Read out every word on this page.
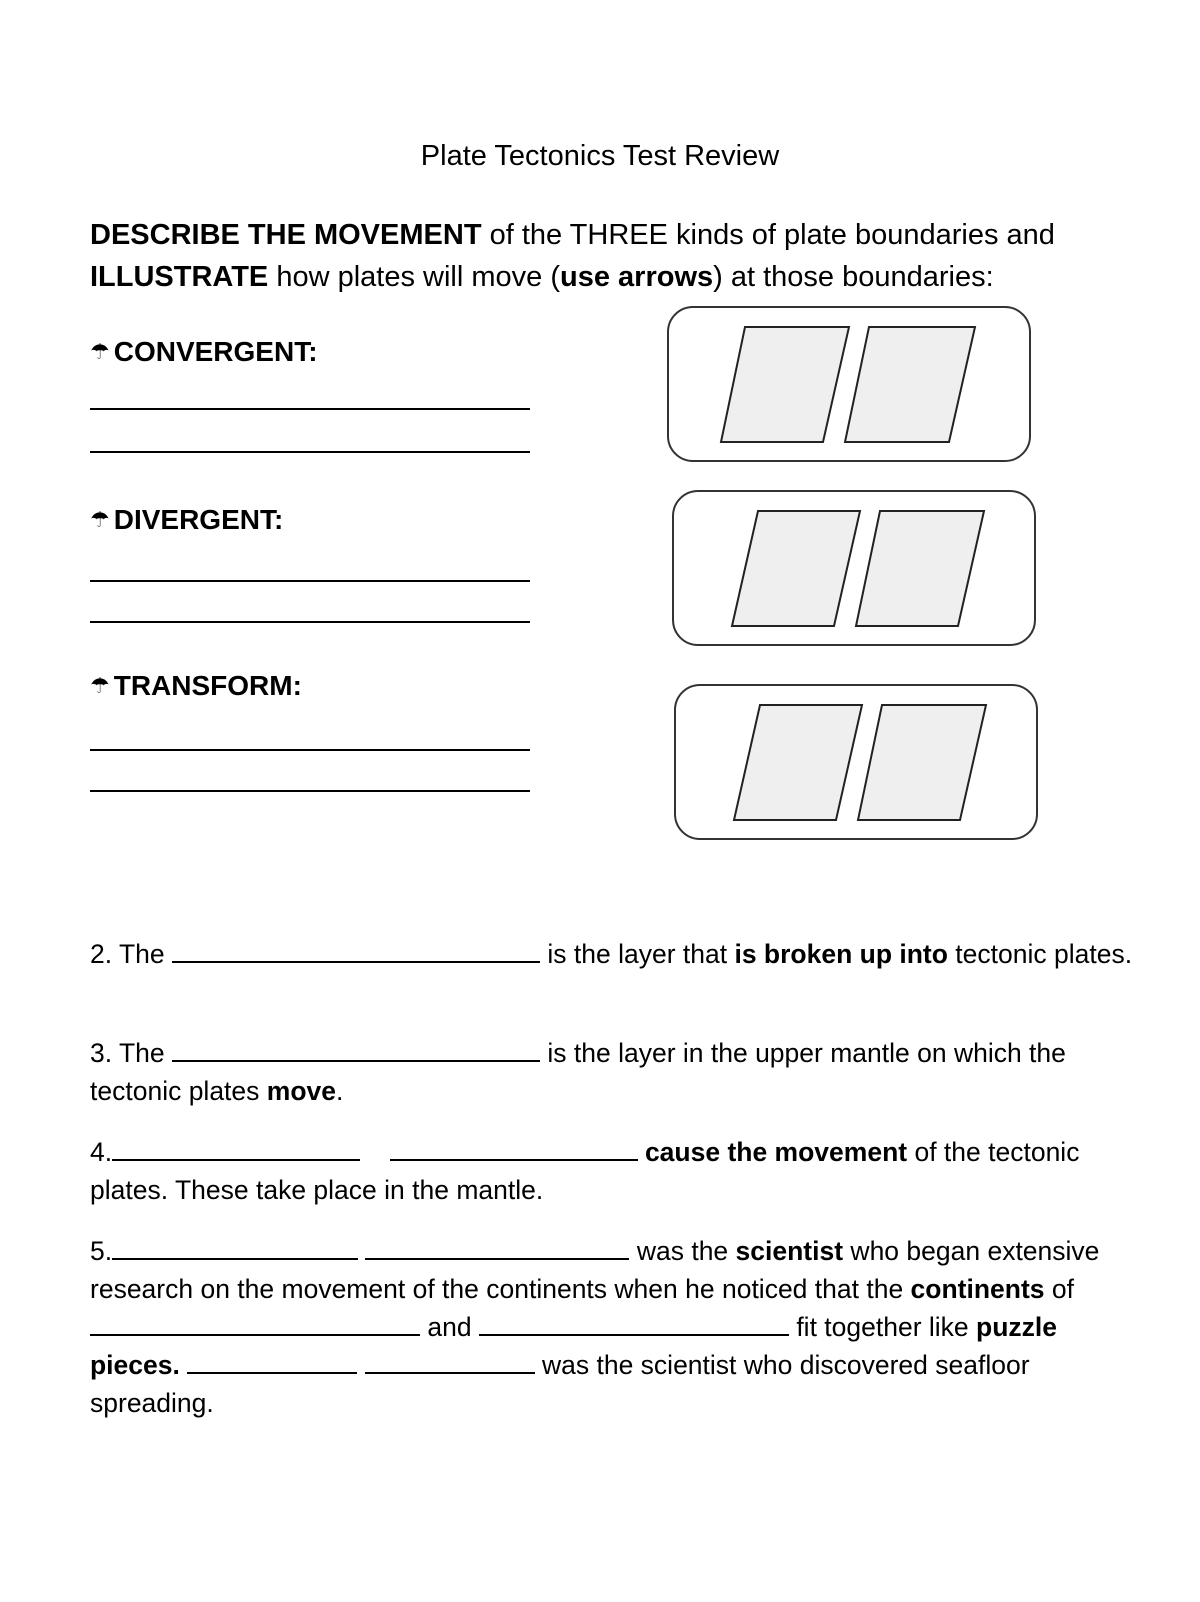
Plate Tectonics Test Review
DESCRIBE THE MOVEMENT of the THREE kinds of plate boundaries and ILLUSTRATE how plates will move (use arrows) at those boundaries:
☂ CONVERGENT:
☂ DIVERGENT:
☂ TRANSFORM:
2. The	is the layer that is broken up into tectonic plates.
3. The	is the layer in the upper mantle on which the tectonic plates move.
4.	cause the movement of the tectonic plates. These take place in the mantle.
5.	was the scientist who began extensive research on the movement of the continents when he noticed that the continents of  and	fit together like puzzle pieces.	was the scientist who discovered seafloor spreading.
